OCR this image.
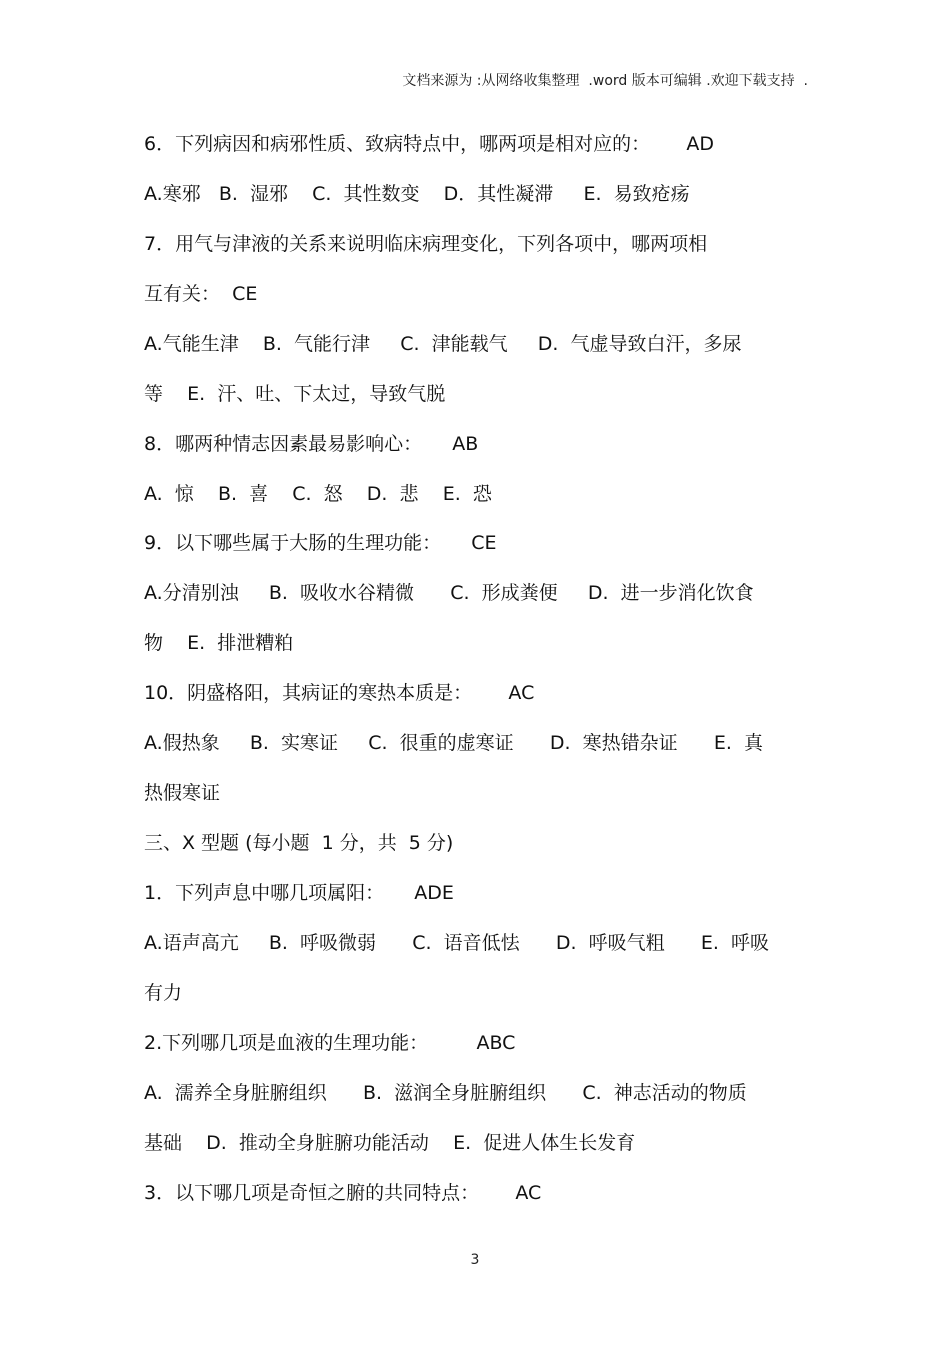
文档来源为 :从网络收集整理  .word 版本可编辑 .欢迎下载支持  .
6．下列病因和病邪性质、致病特点中，哪两项是相对应的：      AD
A.寒邪   B.  湿邪    C.  其性数变    D．其性凝滞     E.  易致疮疡
7．用气与津液的关系来说明临床病理变化，下列各项中，哪两项相
互有关：  CE
A.气能生津    B.  气能行津     C.  津能载气     D.  气虚导致白汗，多尿
等    E.  汗、吐、下太过，导致气脱
8．哪两种情志因素最易影响心：     AB
A.  惊    B.  喜    C.  怒    D.  悲    E.  恐
9．以下哪些属于大肠的生理功能：     CE
A.分清别浊     B.  吸收水谷精微      C.  形成粪便     D.  进一步消化饮食
物    E.  排泄糟粕
10．阴盛格阳，其病证的寒热本质是：      AC
A.假热象     B.  实寒证     C.  很重的虚寒证      D.  寒热错杂证      E.  真
热假寒证
三、X 型题 (每小题  1 分，共  5 分)
1．下列声息中哪几项属阳：     ADE
A.语声高亢     B.  呼吸微弱      C.  语音低怯      D.  呼吸气粗      E.  呼吸
有力
2.下列哪几项是血液的生理功能：        ABC
A.  濡养全身脏腑组织      B.  滋润全身脏腑组织      C.  神志活动的物质
基础    D.  推动全身脏腑功能活动    E.  促进人体生长发育
3．以下哪几项是奇恒之腑的共同特点：      AC
3
